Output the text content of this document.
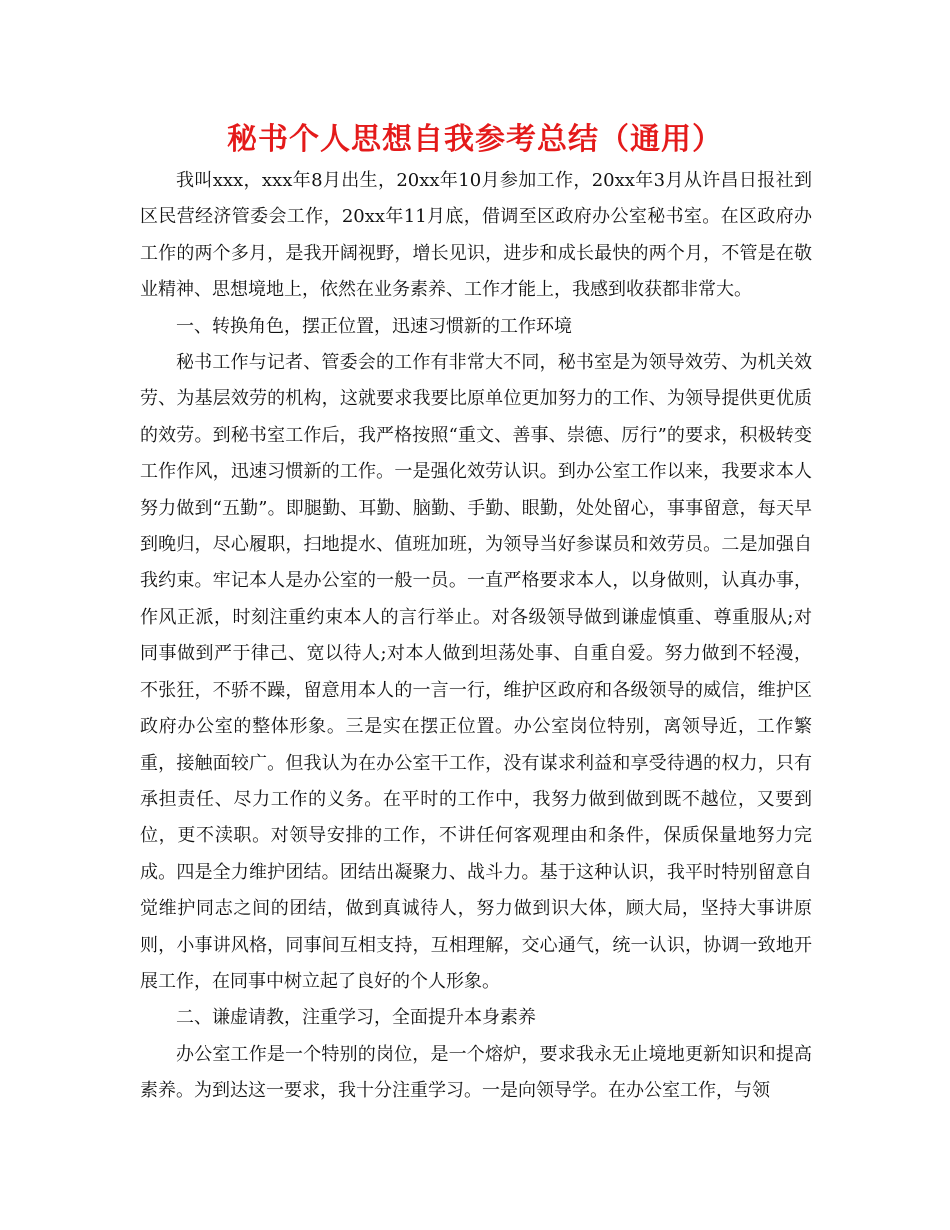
秘书个人思想自我参考总结（通用）

我叫xxx，xxx年8月出生，20xx年10月参加工作，20xx年3月从许昌日报社到区民营经济管委会工作，20xx年11月底，借调至区政府办公室秘书室。在区政府办工作的两个多月，是我开阔视野，增长见识，进步和成长最快的两个月，不管是在敬业精神、思想境地上，依然在业务素养、工作才能上，我感到收获都非常大。

一、转换角色，摆正位置，迅速习惯新的工作环境

秘书工作与记者、管委会的工作有非常大不同，秘书室是为领导效劳、为机关效劳、为基层效劳的机构，这就要求我要比原单位更加努力的工作、为领导提供更优质的效劳。到秘书室工作后，我严格按照“重文、善事、崇德、厉行”的要求，积极转变工作作风，迅速习惯新的工作。一是强化效劳认识。到办公室工作以来，我要求本人努力做到“五勤”。即腿勤、耳勤、脑勤、手勤、眼勤，处处留心，事事留意，每天早到晚归，尽心履职，扫地提水、值班加班，为领导当好参谋员和效劳员。二是加强自我约束。牢记本人是办公室的一般一员。一直严格要求本人，以身做则，认真办事，作风正派，时刻注重约束本人的言行举止。对各级领导做到谦虚慎重、尊重服从;对同事做到严于律己、宽以待人;对本人做到坦荡处事、自重自爱。努力做到不轻漫，不张狂，不骄不躁，留意用本人的一言一行，维护区政府和各级领导的威信，维护区政府办公室的整体形象。三是实在摆正位置。办公室岗位特别，离领导近，工作繁重，接触面较广。但我认为在办公室干工作，没有谋求利益和享受待遇的权力，只有承担责任、尽力工作的义务。在平时的工作中，我努力做到做到既不越位，又要到位，更不渎职。对领导安排的工作，不讲任何客观理由和条件，保质保量地努力完成。四是全力维护团结。团结出凝聚力、战斗力。基于这种认识，我平时特别留意自觉维护同志之间的团结，做到真诚待人，努力做到识大体，顾大局，坚持大事讲原则，小事讲风格，同事间互相支持，互相理解，交心通气，统一认识，协调一致地开展工作，在同事中树立起了良好的个人形象。

二、谦虚请教，注重学习，全面提升本身素养

办公室工作是一个特别的岗位，是一个熔炉，要求我永无止境地更新知识和提高素养。为到达这一要求，我十分注重学习。一是向领导学。在办公室工作，与领
